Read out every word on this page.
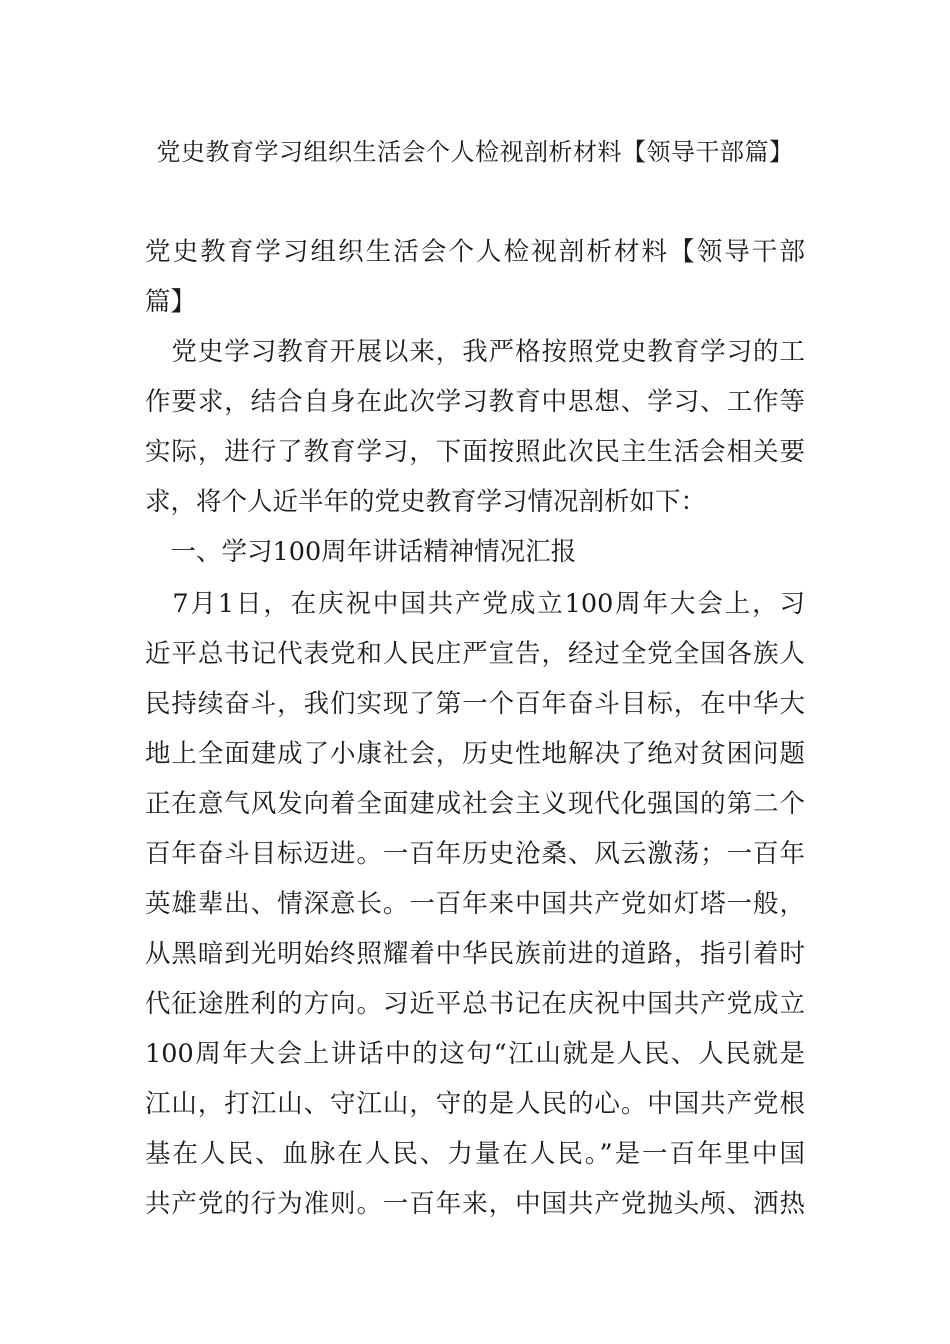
党史教育学习组织生活会个人检视剖析材料【领导干部篇】
党史教育学习组织生活会个人检视剖析材料【领导干部
篇】
　党史学习教育开展以来，我严格按照党史教育学习的工
作要求，结合自身在此次学习教育中思想、学习、工作等
实际，进行了教育学习，下面按照此次民主生活会相关要
求，将个人近半年的党史教育学习情况剖析如下：
　一、学习100周年讲话精神情况汇报
　7月1日，在庆祝中国共产党成立100周年大会上，习
近平总书记代表党和人民庄严宣告，经过全党全国各族人
民持续奋斗，我们实现了第一个百年奋斗目标，在中华大
地上全面建成了小康社会，历史性地解决了绝对贫困问题
正在意气风发向着全面建成社会主义现代化强国的第二个
百年奋斗目标迈进。一百年历史沧桑、风云激荡；一百年
英雄辈出、情深意长。一百年来中国共产党如灯塔一般，
从黑暗到光明始终照耀着中华民族前进的道路，指引着时
代征途胜利的方向。习近平总书记在庆祝中国共产党成立
100周年大会上讲话中的这句“江山就是人民、人民就是
江山，打江山、守江山，守的是人民的心。中国共产党根
基在人民、血脉在人民、力量在人民。”是一百年里中国
共产党的行为准则。一百年来，中国共产党抛头颅、洒热
